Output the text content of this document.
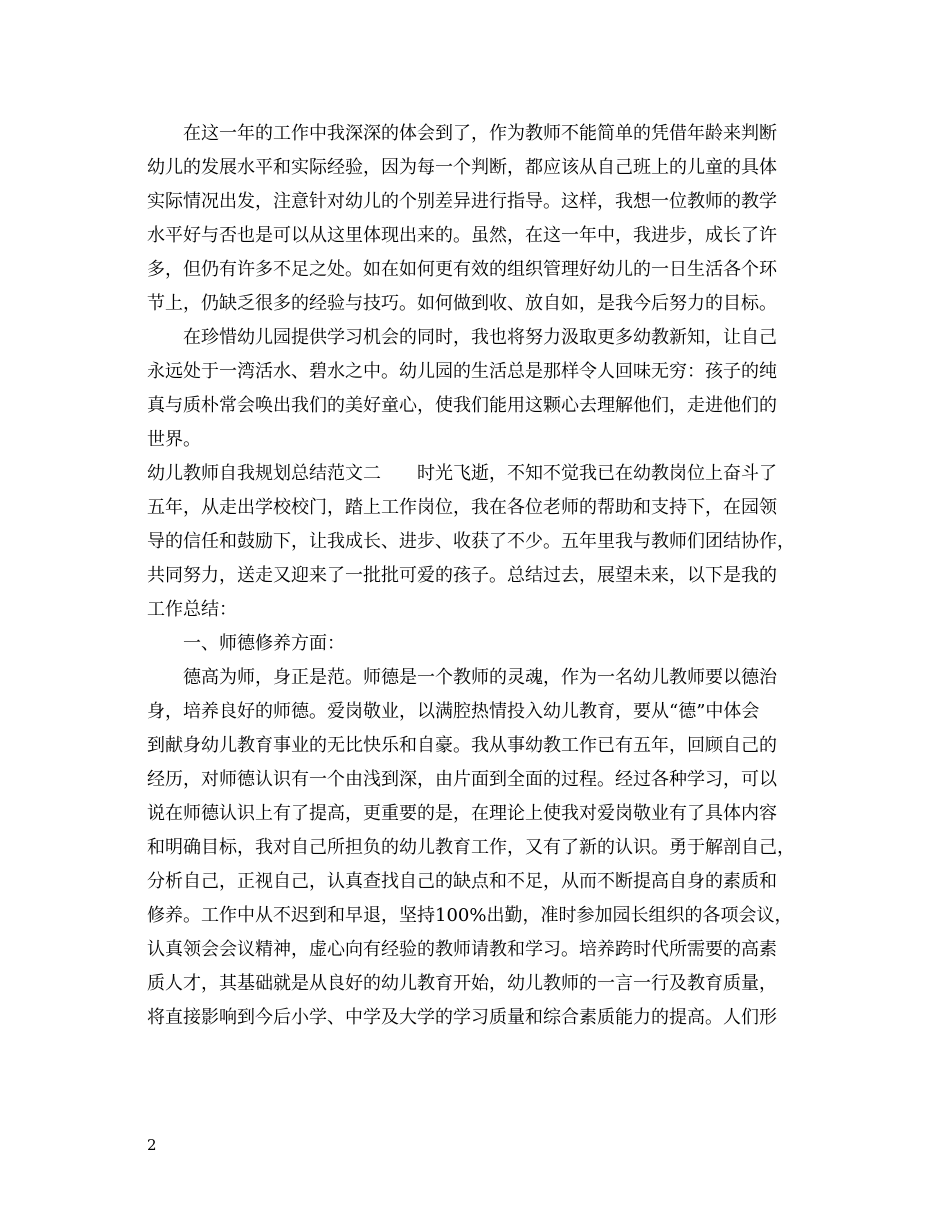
　　在这一年的工作中我深深的体会到了，作为教师不能简单的凭借年龄来判断
幼儿的发展水平和实际经验，因为每一个判断，都应该从自己班上的儿童的具体
实际情况出发，注意针对幼儿的个别差异进行指导。这样，我想一位教师的教学
水平好与否也是可以从这里体现出来的。虽然，在这一年中，我进步，成长了许
多，但仍有许多不足之处。如在如何更有效的组织管理好幼儿的一日生活各个环
节上，仍缺乏很多的经验与技巧。如何做到收、放自如，是我今后努力的目标。
　　在珍惜幼儿园提供学习机会的同时，我也将努力汲取更多幼教新知，让自己
永远处于一湾活水、碧水之中。幼儿园的生活总是那样令人回味无穷：孩子的纯
真与质朴常会唤出我们的美好童心，使我们能用这颗心去理解他们，走进他们的
世界。
幼儿教师自我规划总结范文二　　时光飞逝，不知不觉我已在幼教岗位上奋斗了
五年，从走出学校校门，踏上工作岗位，我在各位老师的帮助和支持下，在园领
导的信任和鼓励下，让我成长、进步、收获了不少。五年里我与教师们团结协作，
共同努力，送走又迎来了一批批可爱的孩子。总结过去，展望未来，以下是我的
工作总结：
　　一、师德修养方面：
　　德高为师，身正是范。师德是一个教师的灵魂，作为一名幼儿教师要以德治
身，培养良好的师德。爱岗敬业，以满腔热情投入幼儿教育，要从“德”中体会
到献身幼儿教育事业的无比快乐和自豪。我从事幼教工作已有五年，回顾自己的
经历，对师德认识有一个由浅到深，由片面到全面的过程。经过各种学习，可以
说在师德认识上有了提高，更重要的是，在理论上使我对爱岗敬业有了具体内容
和明确目标，我对自己所担负的幼儿教育工作，又有了新的认识。勇于解剖自己，
分析自己，正视自己，认真查找自己的缺点和不足，从而不断提高自身的素质和
修养。工作中从不迟到和早退，坚持100%出勤，准时参加园长组织的各项会议，
认真领会会议精神，虚心向有经验的教师请教和学习。培养跨时代所需要的高素
质人才，其基础就是从良好的幼儿教育开始，幼儿教师的一言一行及教育质量，
将直接影响到今后小学、中学及大学的学习质量和综合素质能力的提高。人们形
2
